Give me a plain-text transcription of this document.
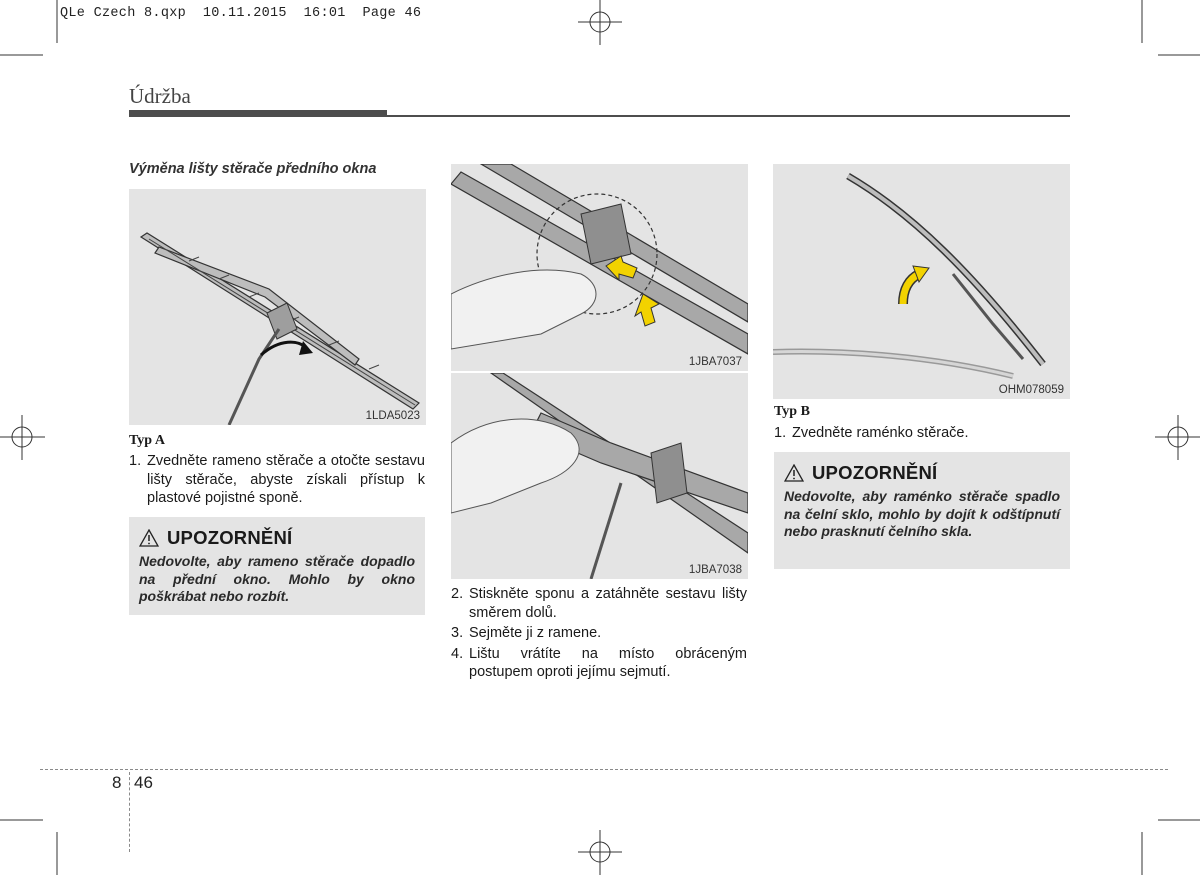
QLe Czech 8.qxp  10.11.2015  16:01  Page 46
Údržba
Výměna lišty stěrače předního okna
1LDA5023
Typ A
1. Zvedněte rameno stěrače a otočte sestavu lišty stěrače, abyste získali přístup k plastové pojistné sponě.
UPOZORNĚNÍ
Nedovolte, aby rameno stěrače dopadlo na přední okno. Mohlo by okno poškrábat nebo rozbít.
1JBA7037
1JBA7038
2. Stiskněte sponu a zatáhněte sestavu lišty směrem dolů.
3. Sejměte ji z ramene.
4. Lištu vrátíte na místo obráceným postupem oproti jejímu sejmutí.
OHM078059
Typ B
1. Zvedněte raménko stěrače.
UPOZORNĚNÍ
Nedovolte, aby raménko stěrače spadlo na čelní sklo, mohlo by dojít k odštípnutí nebo prasknutí čelního skla.
8 46
